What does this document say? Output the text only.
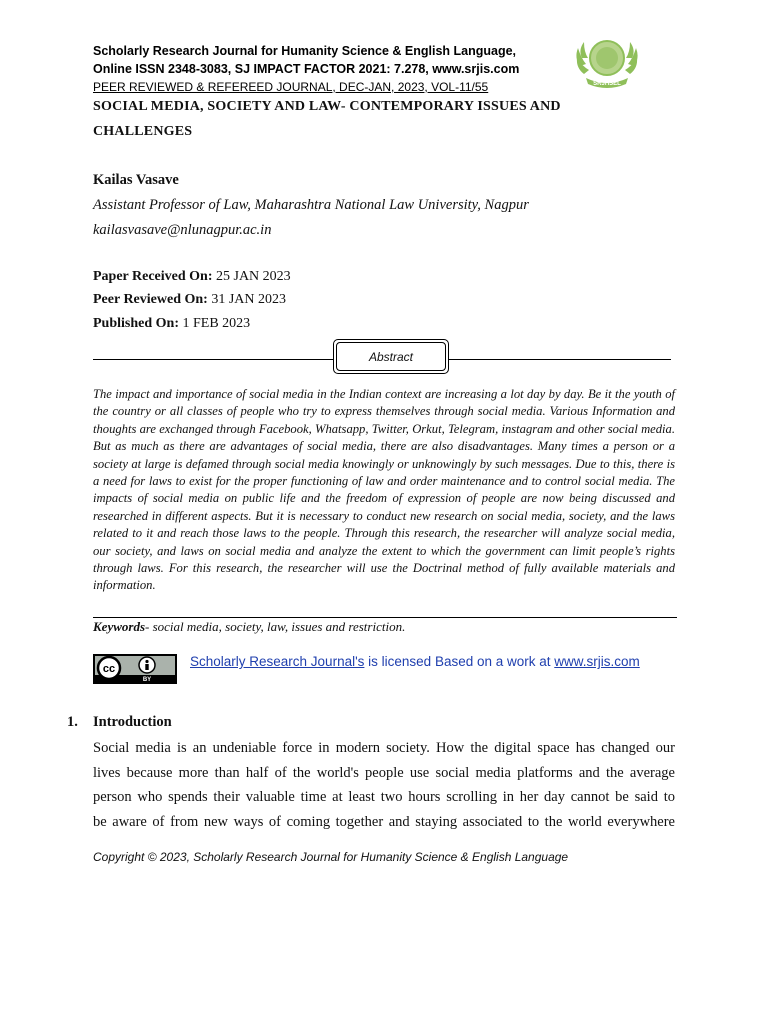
Scholarly Research Journal for Humanity Science & English Language,
Online ISSN 2348-3083, SJ IMPACT FACTOR 2021: 7.278, www.srjis.com
PEER REVIEWED & REFEREED JOURNAL, DEC-JAN, 2023, VOL-11/55	SRJHSEL
SOCIAL MEDIA, SOCIETY AND LAW- CONTEMPORARY ISSUES AND CHALLENGES
Kailas Vasave
Assistant Professor of Law, Maharashtra National Law University, Nagpur
kailasvasave@nlunagpur.ac.in
Paper Received On: 25 JAN 2023
Peer Reviewed On: 31 JAN 2023
Published On: 1 FEB 2023
Abstract
The impact and importance of social media in the Indian context are increasing a lot day by day. Be it the youth of the country or all classes of people who try to express themselves through social media. Various Information and thoughts are exchanged through Facebook, Whatsapp, Twitter, Orkut, Telegram, instagram and other social media. But as much as there are advantages of social media, there are also disadvantages. Many times a person or a society at large is defamed through social media knowingly or unknowingly by such messages. Due to this, there is a need for laws to exist for the proper functioning of law and order maintenance and to control social media. The impacts of social media on public life and the freedom of expression of people are now being discussed and researched in different aspects. But it is necessary to conduct new research on social media, society, and the laws related to it and reach those laws to the people. Through this research, the researcher will analyze social media, our society, and laws on social media and analyze the extent to which the government can limit people’s rights through laws. For this research, the researcher will use the Doctrinal method of fully available materials and information.
Keywords- social media, society, law, issues and restriction.
cc
BY
Scholarly Research Journal's is licensed Based on a work at www.srjis.com
1. Introduction

Social media is an undeniable force in modern society. How the digital space has changed our

lives because more than half of the world's people use social media platforms and the average

person who spends their valuable time at least two hours scrolling in her day cannot be said to

be aware of from new ways of coming together and staying associated to the world everywhere

Copyright © 2023, Scholarly Research Journal for Humanity Science & English Language
